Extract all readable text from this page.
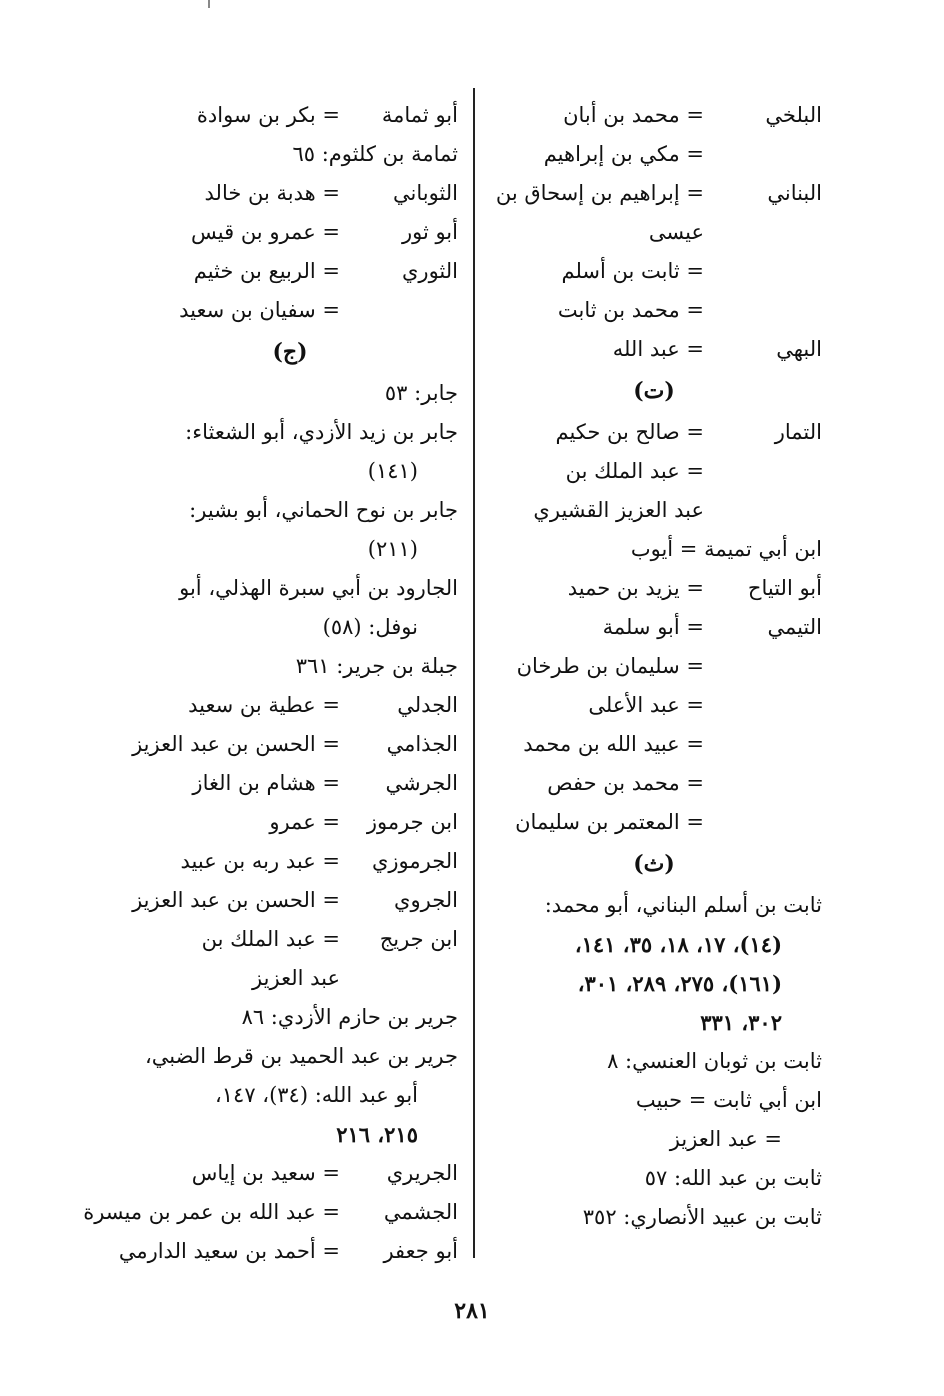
البلخي= محمد بن أبان
= مكي بن إبراهيم
البناني= إبراهيم بن إسحاق بن
عيسى
= ثابت بن أسلم
= محمد بن ثابت
البهي= عبد الله
(ت)
التمار= صالح بن حكيم
= عبد الملك بن
عبد العزيز القشيري
ابن أبي تميمة = أيوب
أبو التياح= يزيد بن حميد
التيمي= أبو سلمة
= سليمان بن طرخان
= عبد الأعلى
= عبيد الله بن محمد
= محمد بن حفص
= المعتمر بن سليمان
(ث)
ثابت بن أسلم البناني، أبو محمد:
(١٤)، ١٧، ١٨، ٣٥، ١٤١،
(١٦١)، ٢٧٥، ٢٨٩، ٣٠١،
٣٠٢، ٣٣١
ثابت بن ثوبان العنسي: ٨
ابن أبي ثابت = حبيب
= عبد العزيز
ثابت بن عبد الله: ٥٧
ثابت بن عبيد الأنصاري: ٣٥٢
أبو ثمامة= بكر بن سوادة
ثمامة بن كلثوم: ٦٥
الثوباني= هدبة بن خالد
أبو ثور= عمرو بن قيس
الثوري= الربيع بن خثيم
= سفيان بن سعيد
(ج)
جابر: ٥٣
جابر بن زيد الأزدي، أبو الشعثاء:
(١٤١)
جابر بن نوح الحماني، أبو بشير:
(٢١١)
الجارود بن أبي سبرة الهذلي، أبو
نوفل: (٥٨)
جبلة بن جرير: ٣٦١
الجدلي= عطية بن سعيد
الجذامي= الحسن بن عبد العزيز
الجرشي= هشام بن الغاز
ابن جرموز= عمرو
الجرموزي= عبد ربه بن عبيد
الجروي= الحسن بن عبد العزيز
ابن جريج= عبد الملك بن
عبد العزيز
جرير بن حازم الأزدي: ٨٦
جرير بن عبد الحميد بن قرط الضبي،
أبو عبد الله: (٣٤)، ١٤٧،
٢١٥، ٢١٦
الجريري= سعيد بن إياس
الجشمي= عبد الله بن عمر بن ميسرة
أبو جعفر= أحمد بن سعيد الدارمي
٢٨١
